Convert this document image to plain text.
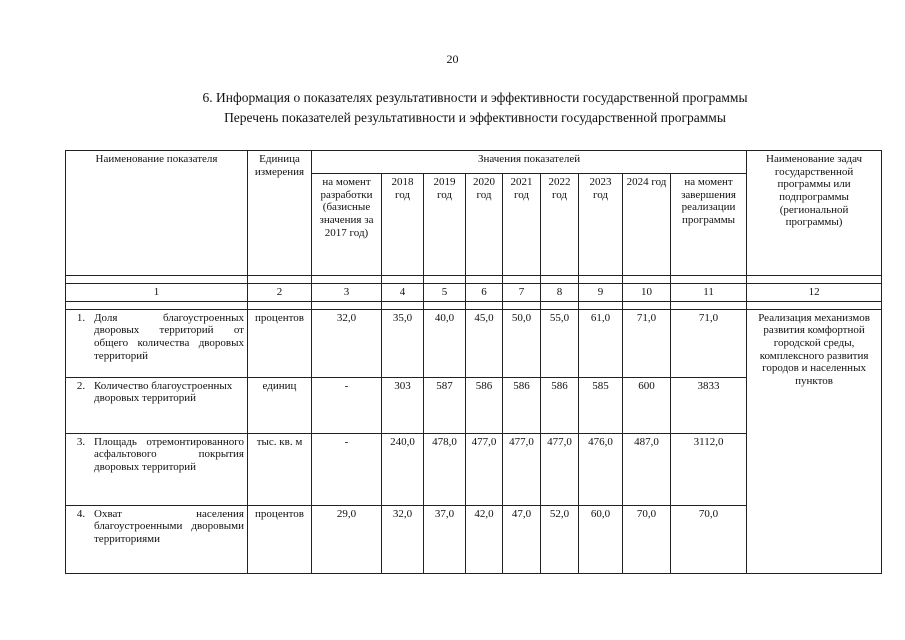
20
6. Информация о показателях результативности и эффективности государственной программы
Перечень показателей результативности и эффективности государственной программы
Наименование показателя	Единица измерения	Значения показателей									Наименование задач государственной программы или подпрограммы (региональной программы)
		на момент разработки (базисные значения за 2017 год)	2018 год	2019 год	2020 год	2021 год	2022 год	2023 год	2024 год	на момент завершения реализации программы	

1	2	3	4	5	6	7	8	9	10	11	12

1. Доля благоустроенных дворовых территорий от общего количества дворовых территорий	процентов	32,0	35,0	40,0	45,0	50,0	55,0	61,0	71,0	71,0	Реализация механизмов развития комфортной городской среды, комплексного развития городов и населенных пунктов

2. Количество благоустроенных дворовых территорий	единиц	-	303	587	586	586	586	585	600	3833	

3. Площадь отремонтированного асфальтового покрытия дворовых территорий	тыс. кв. м	-	240,0	478,0	477,0	477,0	477,0	476,0	487,0	3112,0	

4. Охват населения благоустроенными дворовыми территориями	процентов	29,0	32,0	37,0	42,0	47,0	52,0	60,0	70,0	70,0	
